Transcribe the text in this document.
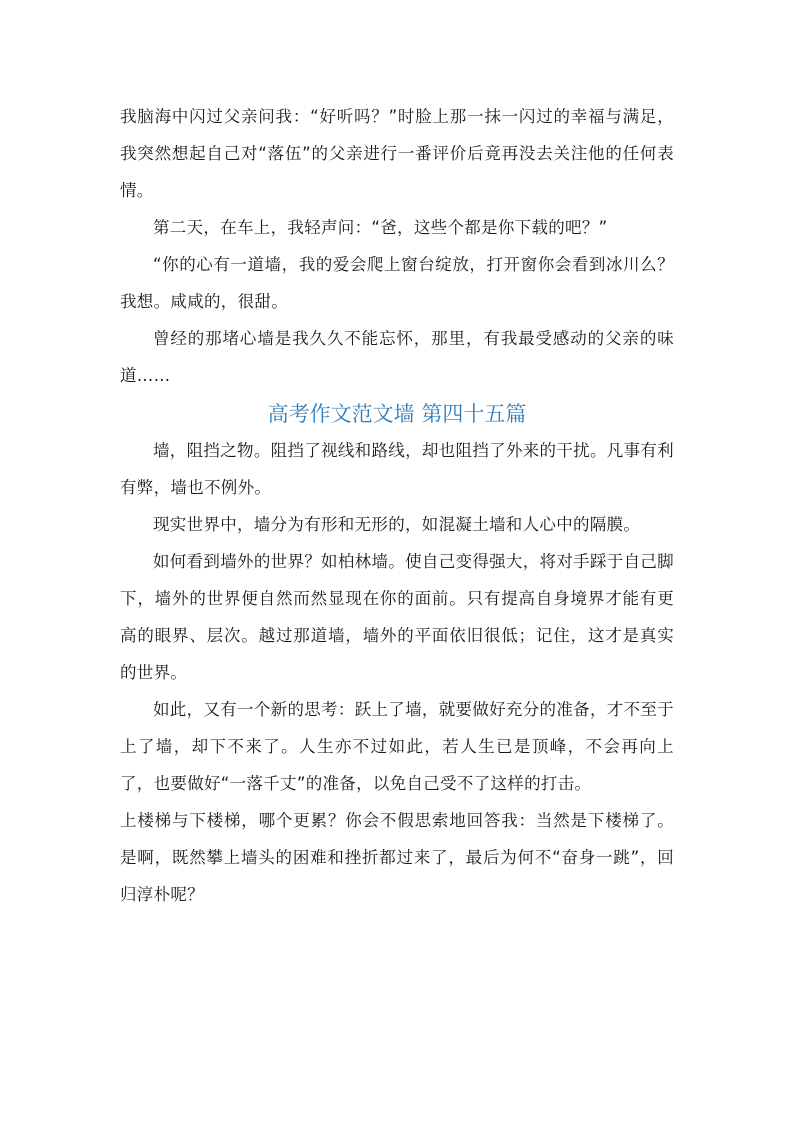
我脑海中闪过父亲问我：“好听吗？”时脸上那一抹一闪过的幸福与满足，我突然想起自己对“落伍”的父亲进行一番评价后竟再没去关注他的任何表情。

第二天，在车上，我轻声问：“爸，这些个都是你下载的吧？”

“你的心有一道墙，我的爱会爬上窗台绽放，打开窗你会看到冰川么？我想。咸咸的，很甜。

曾经的那堵心墙是我久久不能忘怀，那里，有我最受感动的父亲的味道……

高考作文范文墙 第四十五篇

墙，阻挡之物。阻挡了视线和路线，却也阻挡了外来的干扰。凡事有利有弊，墙也不例外。

现实世界中，墙分为有形和无形的，如混凝土墙和人心中的隔膜。

如何看到墙外的世界？如柏林墙。使自己变得强大，将对手踩于自己脚下，墙外的世界便自然而然显现在你的面前。只有提高自身境界才能有更高的眼界、层次。越过那道墙，墙外的平面依旧很低；记住，这才是真实的世界。

如此，又有一个新的思考：跃上了墙，就要做好充分的准备，才不至于上了墙，却下不来了。人生亦不过如此，若人生已是顶峰，不会再向上了，也要做好“一落千丈”的准备，以免自己受不了这样的打击。

上楼梯与下楼梯，哪个更累？你会不假思索地回答我：当然是下楼梯了。是啊，既然攀上墙头的困难和挫折都过来了，最后为何不“奋身一跳”，回归淳朴呢？
